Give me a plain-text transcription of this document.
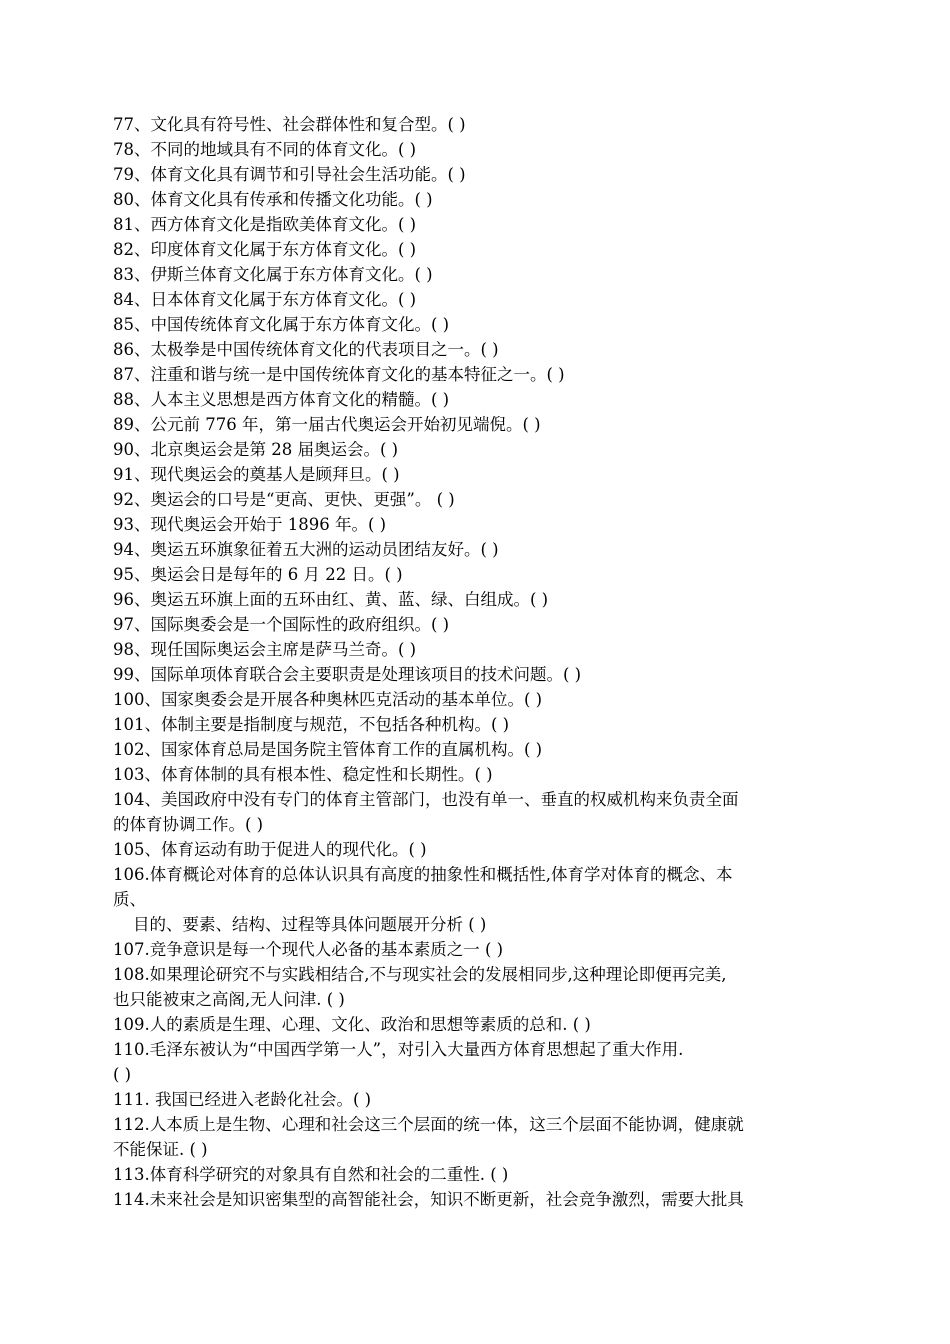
77、文化具有符号性、社会群体性和复合型。( )
78、不同的地域具有不同的体育文化。( )
79、体育文化具有调节和引导社会生活功能。( )
80、体育文化具有传承和传播文化功能。( )
81、西方体育文化是指欧美体育文化。( )
82、印度体育文化属于东方体育文化。( )
83、伊斯兰体育文化属于东方体育文化。( )
84、日本体育文化属于东方体育文化。( )
85、中国传统体育文化属于东方体育文化。( )
86、太极拳是中国传统体育文化的代表项目之一。( )
87、注重和谐与统一是中国传统体育文化的基本特征之一。( )
88、人本主义思想是西方体育文化的精髓。( )
89、公元前 776 年，第一届古代奥运会开始初见端倪。( )
90、北京奥运会是第 28 届奥运会。( )
91、现代奥运会的奠基人是顾拜旦。( )
92、奥运会的口号是“更高、更快、更强”。 ( )
93、现代奥运会开始于 1896 年。( )
94、奥运五环旗象征着五大洲的运动员团结友好。( )
95、奥运会日是每年的 6 月 22 日。( )
96、奥运五环旗上面的五环由红、黄、蓝、绿、白组成。( )
97、国际奥委会是一个国际性的政府组织。( )
98、现任国际奥运会主席是萨马兰奇。( )
99、国际单项体育联合会主要职责是处理该项目的技术问题。( )
100、国家奥委会是开展各种奥林匹克活动的基本单位。( )
101、体制主要是指制度与规范，不包括各种机构。( )
102、国家体育总局是国务院主管体育工作的直属机构。( )
103、体育体制的具有根本性、稳定性和长期性。( )
104、美国政府中没有专门的体育主管部门，也没有单一、垂直的权威机构来负责全面
的体育协调工作。( )
105、体育运动有助于促进人的现代化。( )
106.体育概论对体育的总体认识具有高度的抽象性和概括性,体育学对体育的概念、本
质、
目的、要素、结构、过程等具体问题展开分析 ( )
107.竞争意识是每一个现代人必备的基本素质之一 ( )
108.如果理论研究不与实践相结合,不与现实社会的发展相同步,这种理论即便再完美,
也只能被束之高阁,无人问津. ( )
109.人的素质是生理、心理、文化、政治和思想等素质的总和. ( )
110.毛泽东被认为“中国西学第一人”，对引入大量西方体育思想起了重大作用.
( )
111. 我国已经进入老龄化社会。( )
112.人本质上是生物、心理和社会这三个层面的统一体，这三个层面不能协调，健康就
不能保证. ( )
113.体育科学研究的对象具有自然和社会的二重性. ( )
114.未来社会是知识密集型的高智能社会，知识不断更新，社会竞争激烈，需要大批具
